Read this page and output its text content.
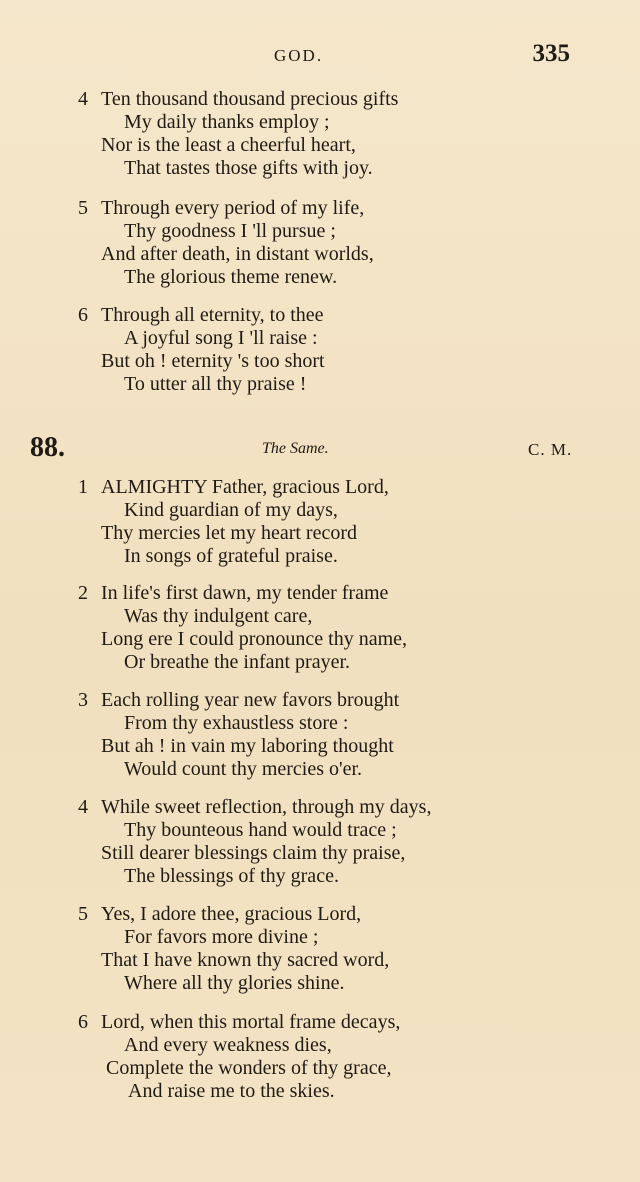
GOD.	335
4 Ten thousand thousand precious gifts
My daily thanks employ ;
Nor is the least a cheerful heart,
That tastes those gifts with joy.
5 Through every period of my life,
Thy goodness I 'll pursue ;
And after death, in distant worlds,
The glorious theme renew.
6 Through all eternity, to thee
A joyful song I 'll raise :
But oh ! eternity 's too short
To utter all thy praise !
88.	The Same.	C. M.
1 ALMIGHTY Father, gracious Lord,
Kind guardian of my days,
Thy mercies let my heart record
In songs of grateful praise.
2 In life's first dawn, my tender frame
Was thy indulgent care,
Long ere I could pronounce thy name,
Or breathe the infant prayer.
3 Each rolling year new favors brought
From thy exhaustless store :
But ah ! in vain my laboring thought
Would count thy mercies o'er.
4 While sweet reflection, through my days,
Thy bounteous hand would trace ;
Still dearer blessings claim thy praise,
The blessings of thy grace.
5 Yes, I adore thee, gracious Lord,
For favors more divine ;
That I have known thy sacred word,
Where all thy glories shine.
6 Lord, when this mortal frame decays,
And every weakness dies,
Complete the wonders of thy grace,
And raise me to the skies.
